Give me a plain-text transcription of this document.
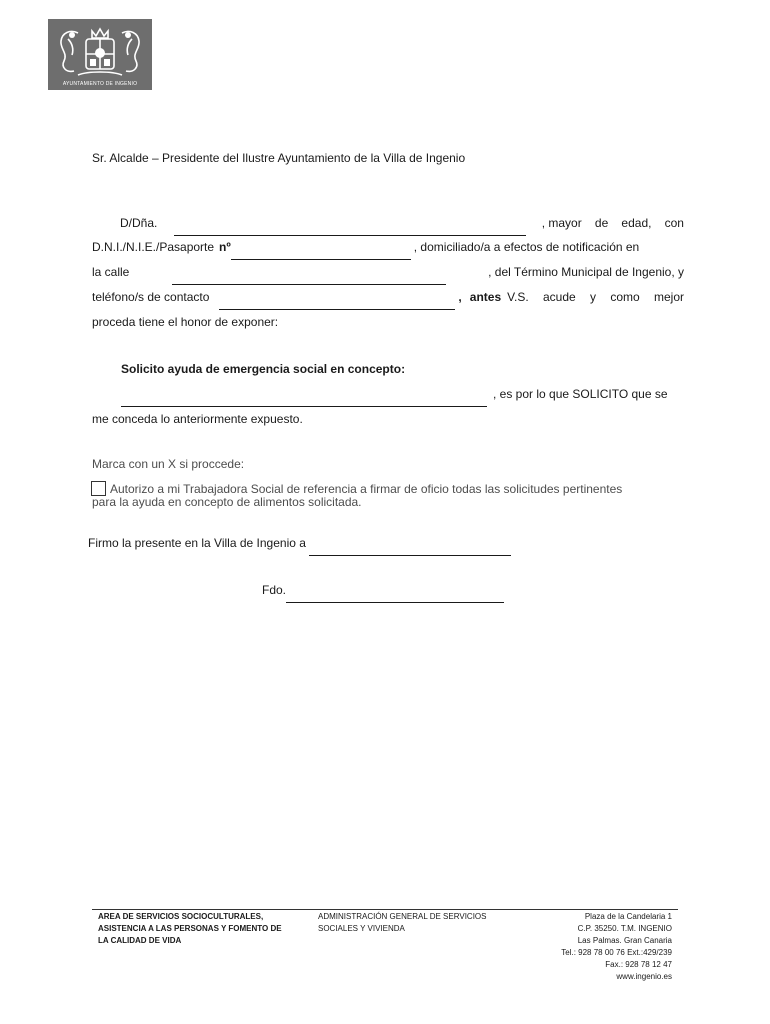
AYUNTAMIENTO DE INGENIO
Sr. Alcalde – Presidente del Ilustre Ayuntamiento de la Villa de Ingenio
D/Dña.	, mayor de edad, con
D.N.I./N.I.E./Pasaporte nº	, domiciliado/a a efectos de notificación en
la calle	, del Término Municipal de Ingenio, y
teléfono/s de contacto	, antes V.S. acude y como mejor
proceda tiene el honor de exponer:
Solicito ayuda de emergencia social en concepto:
, es por lo que SOLICITO que se
me conceda lo anteriormente expuesto.
Marca con un X si proccede:
Autorizo a mi Trabajadora Social de referencia a firmar de oficio todas las solicitudes pertinentes
para la ayuda en concepto de alimentos solicitada.
Firmo la presente en la Villa de Ingenio a
Fdo.
AREA DE SERVICIOS SOCIOCULTURALES,
ASISTENCIA A LAS PERSONAS Y FOMENTO DE
LA CALIDAD DE VIDA
ADMINISTRACIÓN GENERAL DE SERVICIOS
SOCIALES Y VIVIENDA
Plaza de la Candelaria 1
C.P. 35250. T.M. INGENIO
Las Palmas. Gran Canaria
Tel.: 928 78 00 76 Ext.:429/239
Fax.: 928 78 12 47
www.ingenio.es
